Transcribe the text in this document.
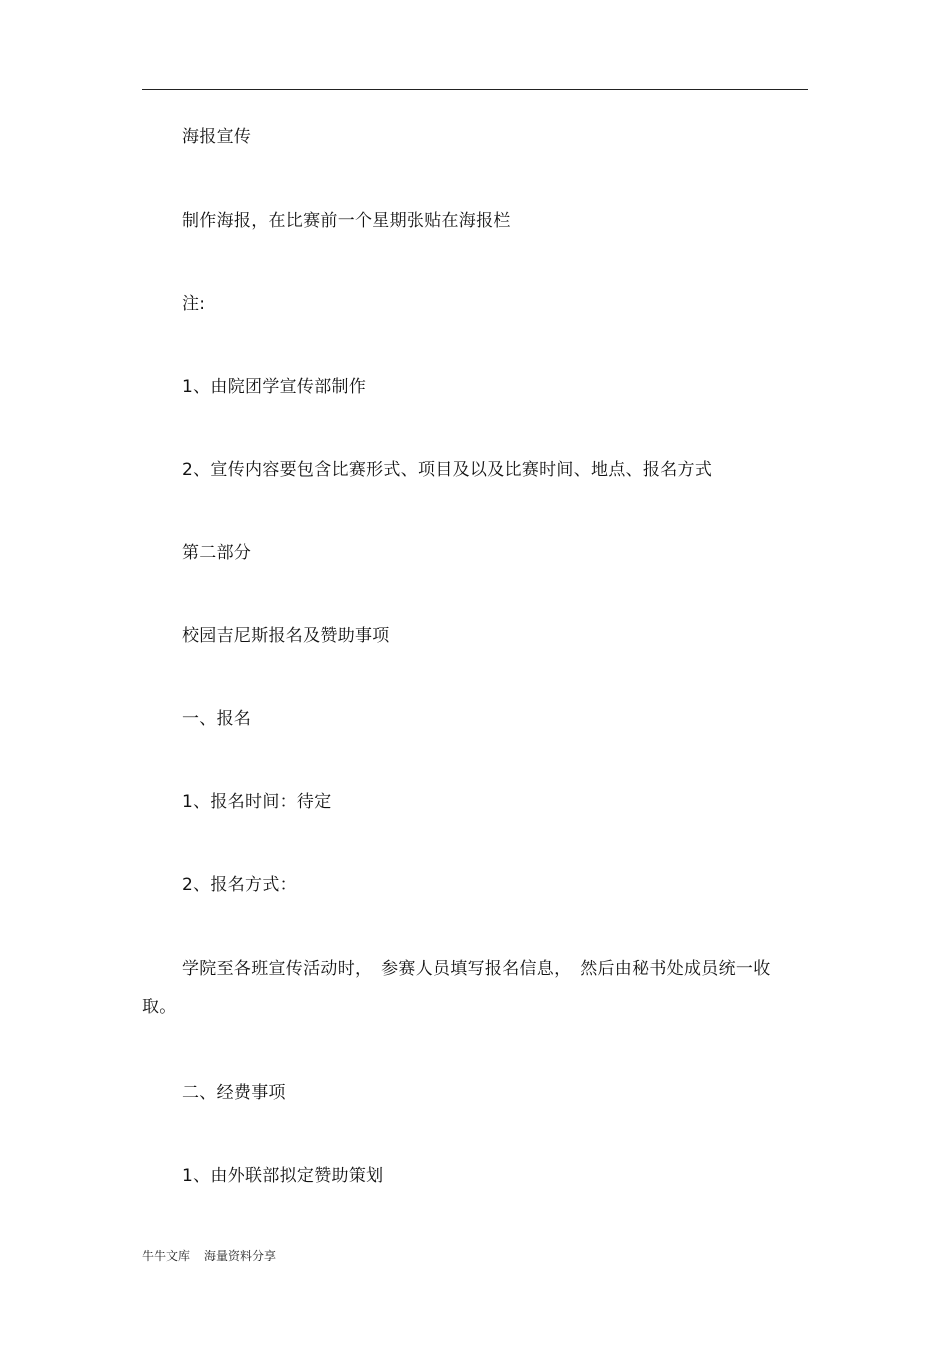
海报宣传
制作海报，在比赛前一个星期张贴在海报栏
注:
1、由院团学宣传部制作
2、宣传内容要包含比赛形式、项目及以及比赛时间、地点、报名方式
第二部分
校园吉尼斯报名及赞助事项
一、报名
1、报名时间：待定
2、报名方式：
学院至各班宣传活动时，　参赛人员填写报名信息，　然后由秘书处成员统一收取。
二、经费事项
1、由外联部拟定赞助策划
牛牛文库 海量资料分享
